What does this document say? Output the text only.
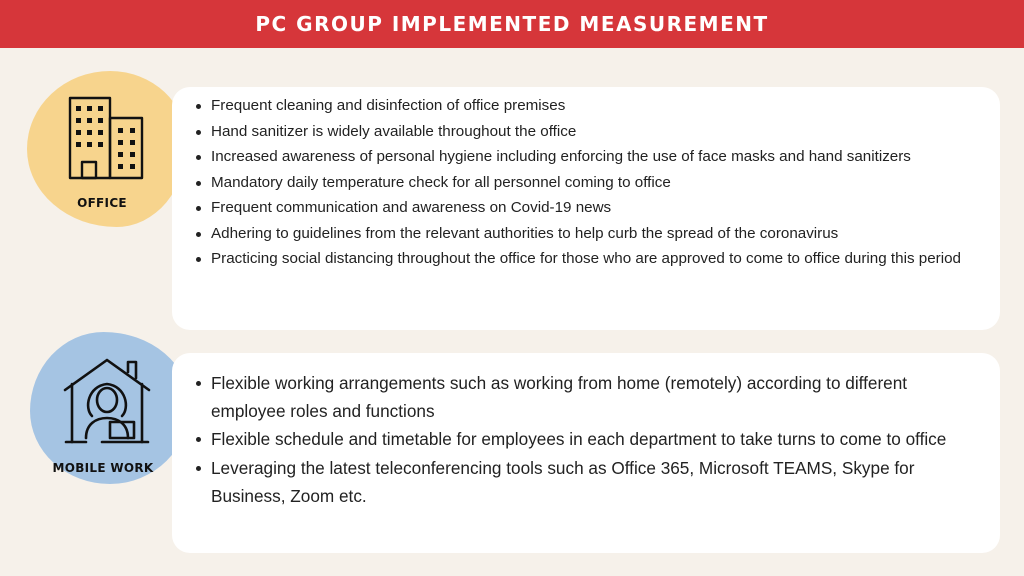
PC GROUP IMPLEMENTED MEASUREMENT
OFFICE
Frequent cleaning and disinfection of office premises
Hand sanitizer is widely available throughout the office
Increased awareness of personal hygiene including enforcing the use of face masks and hand sanitizers
Mandatory daily temperature check for all personnel coming to office
Frequent communication and awareness on Covid-19 news
Adhering to guidelines from the relevant authorities to help curb the spread of the coronavirus
Practicing social distancing throughout the office for those who are approved to come to office during this period
MOBILE WORK
Flexible working arrangements such as working from home (remotely) according to different employee roles and functions
Flexible schedule and timetable for employees in each department to take turns to come to office
Leveraging the latest teleconferencing tools such as Office 365, Microsoft TEAMS, Skype for Business, Zoom etc.
